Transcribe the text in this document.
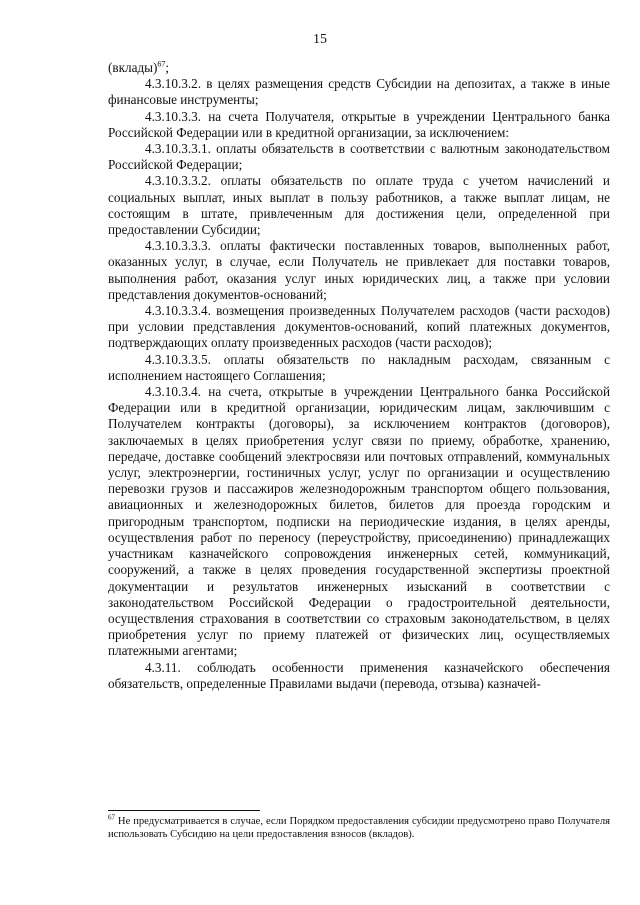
15

(вклады)$^{67}$;

4.3.10.3.2. в целях размещения средств Субсидии на депозитах, а также в иные финансовые инструменты;

4.3.10.3.3. на счета Получателя, открытые в учреждении Центрального банка Российской Федерации или в кредитной организации, за исключением:

4.3.10.3.3.1. оплаты обязательств в соответствии с валютным законодательством Российской Федерации;

4.3.10.3.3.2. оплаты обязательств по оплате труда с учетом начислений и социальных выплат, иных выплат в пользу работников, а также выплат лицам, не состоящим в штате, привлеченным для достижения цели, определенной при предоставлении Субсидии;

4.3.10.3.3.3. оплаты фактически поставленных товаров, выполненных работ, оказанных услуг, в случае, если Получатель не привлекает для поставки товаров, выполнения работ, оказания услуг иных юридических лиц, а также при условии представления документов-оснований;

4.3.10.3.3.4. возмещения произведенных Получателем расходов (части расходов) при условии представления документов-оснований, копий платежных документов, подтверждающих оплату произведенных расходов (части расходов);

4.3.10.3.3.5. оплаты обязательств по накладным расходам, связанным с исполнением настоящего Соглашения;

4.3.10.3.4. на счета, открытые в учреждении Центрального банка Российской Федерации или в кредитной организации, юридическим лицам, заключившим с Получателем контракты (договоры), за исключением контрактов (договоров), заключаемых в целях приобретения услуг связи по приему, обработке, хранению, передаче, доставке сообщений электросвязи или почтовых отправлений, коммунальных услуг, электроэнергии, гостиничных услуг, услуг по организации и осуществлению перевозки грузов и пассажиров железнодорожным транспортом общего пользования, авиационных и железнодорожных билетов, билетов для проезда городским и пригородным транспортом, подписки на периодические издания, в целях аренды, осуществления работ по переносу (переустройству, присоединению) принадлежащих участникам казначейского сопровождения инженерных сетей, коммуникаций, сооружений, а также в целях проведения государственной экспертизы проектной документации и результатов инженерных изысканий в соответствии с законодательством Российской Федерации о градостроительной деятельности, осуществления страхования в соответствии со страховым законодательством, в целях приобретения услуг по приему платежей от физических лиц, осуществляемых платежными агентами;

4.3.11. соблюдать особенности применения казначейского обеспечения обязательств, определенные Правилами выдачи (перевода, отзыва) казначей-

$^{67}$ Не предусматривается в случае, если Порядком предоставления субсидии предусмотрено право Получателя использовать Субсидию на цели предоставления взносов (вкладов).
